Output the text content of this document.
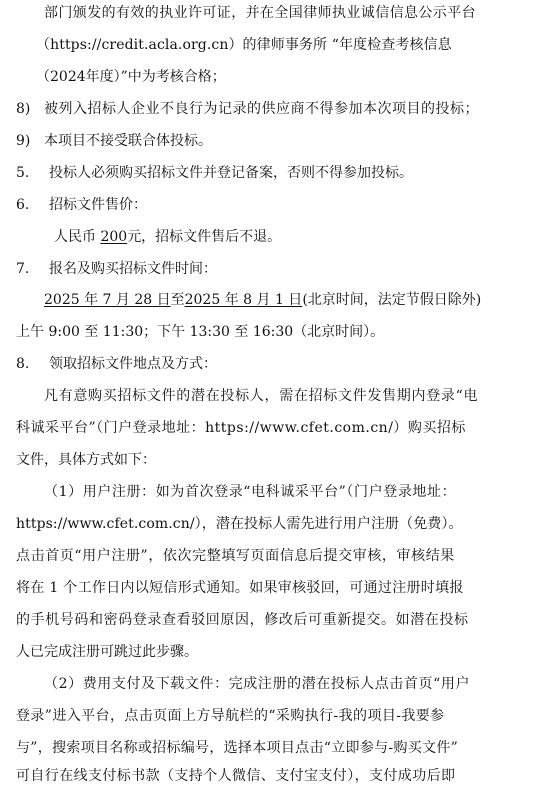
部门颁发的有效的执业许可证，并在全国律师执业诚信信息公示平台
（https://credit.acla.org.cn）的律师事务所 “年度检查考核信息
（2024年度）”中为考核合格；
8) 被列入招标人企业不良行为记录的供应商不得参加本次项目的投标；
9) 本项目不接受联合体投标。
5. 投标人必须购买招标文件并登记备案，否则不得参加投标。
6. 招标文件售价：
人民币 200元，招标文件售后不退。
7. 报名及购买招标文件时间：
2025 年 7 月 28 日至2025 年 8 月 1 日(北京时间，法定节假日除外)
上午 9:00 至 11:30；下午 13:30 至 16:30（北京时间）。
8. 领取招标文件地点及方式：
凡有意购买招标文件的潜在投标人，需在招标文件发售期内登录“电
科诚采平台”（门户登录地址：https://www.cfet.com.cn/）购买招标
文件，具体方式如下：
（1）用户注册：如为首次登录“电科诚采平台”（门户登录地址：
https://www.cfet.com.cn/），潜在投标人需先进行用户注册（免费）。
点击首页“用户注册”，依次完整填写页面信息后提交审核，审核结果
将在 1 个工作日内以短信形式通知。如果审核驳回，可通过注册时填报
的手机号码和密码登录查看驳回原因，修改后可重新提交。如潜在投标
人已完成注册可跳过此步骤。
（2）费用支付及下载文件：完成注册的潜在投标人点击首页“用户
登录”进入平台，点击页面上方导航栏的“采购执行-我的项目-我要参
与”，搜索项目名称或招标编号，选择本项目点击“立即参与-购买文件”
可自行在线支付标书款（支持个人微信、支付宝支付），支付成功后即
